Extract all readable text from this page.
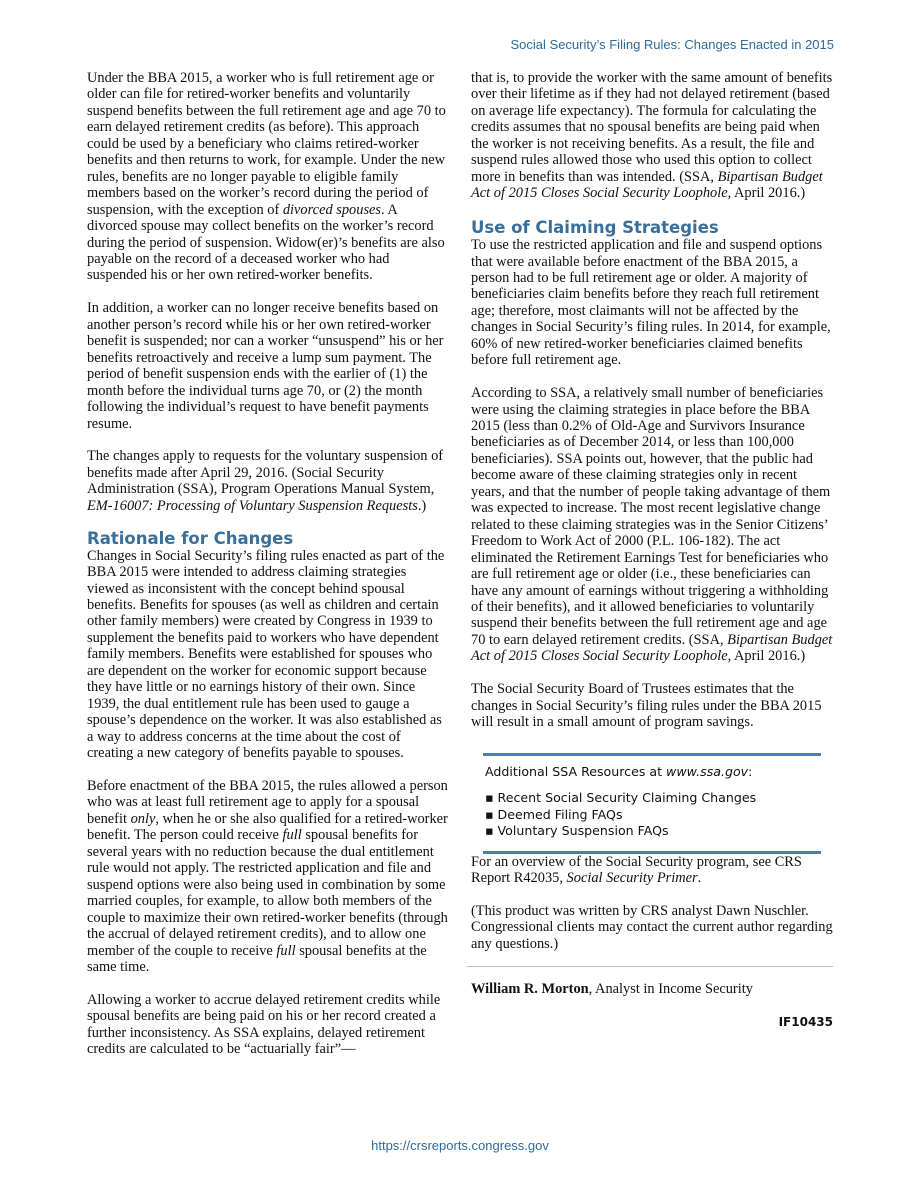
Social Security’s Filing Rules: Changes Enacted in 2015

Under the BBA 2015, a worker who is full retirement age or older can file for retired-worker benefits and voluntarily suspend benefits between the full retirement age and age 70 to earn delayed retirement credits (as before). This approach could be used by a beneficiary who claims retired-worker benefits and then returns to work, for example. Under the new rules, benefits are no longer payable to eligible family members based on the worker’s record during the period of suspension, with the exception of divorced spouses. A divorced spouse may collect benefits on the worker’s record during the period of suspension. Widow(er)’s benefits are also payable on the record of a deceased worker who had suspended his or her own retired-worker benefits.

In addition, a worker can no longer receive benefits based on another person’s record while his or her own retired-worker benefit is suspended; nor can a worker “unsuspend” his or her benefits retroactively and receive a lump sum payment. The period of benefit suspension ends with the earlier of (1) the month before the individual turns age 70, or (2) the month following the individual’s request to have benefit payments resume.

The changes apply to requests for the voluntary suspension of benefits made after April 29, 2016. (Social Security Administration (SSA), Program Operations Manual System, EM-16007: Processing of Voluntary Suspension Requests.)

Rationale for Changes

Changes in Social Security’s filing rules enacted as part of the BBA 2015 were intended to address claiming strategies viewed as inconsistent with the concept behind spousal benefits. Benefits for spouses (as well as children and certain other family members) were created by Congress in 1939 to supplement the benefits paid to workers who have dependent family members. Benefits were established for spouses who are dependent on the worker for economic support because they have little or no earnings history of their own. Since 1939, the dual entitlement rule has been used to gauge a spouse’s dependence on the worker. It was also established as a way to address concerns at the time about the cost of creating a new category of benefits payable to spouses.

Before enactment of the BBA 2015, the rules allowed a person who was at least full retirement age to apply for a spousal benefit only, when he or she also qualified for a retired-worker benefit. The person could receive full spousal benefits for several years with no reduction because the dual entitlement rule would not apply. The restricted application and file and suspend options were also being used in combination by some married couples, for example, to allow both members of the couple to maximize their own retired-worker benefits (through the accrual of delayed retirement credits), and to allow one member of the couple to receive full spousal benefits at the same time.

Allowing a worker to accrue delayed retirement credits while spousal benefits are being paid on his or her record created a further inconsistency. As SSA explains, delayed retirement credits are calculated to be “actuarially fair”—

that is, to provide the worker with the same amount of benefits over their lifetime as if they had not delayed retirement (based on average life expectancy). The formula for calculating the credits assumes that no spousal benefits are being paid when the worker is not receiving benefits. As a result, the file and suspend rules allowed those who used this option to collect more in benefits than was intended. (SSA, Bipartisan Budget Act of 2015 Closes Social Security Loophole, April 2016.)

Use of Claiming Strategies

To use the restricted application and file and suspend options that were available before enactment of the BBA 2015, a person had to be full retirement age or older. A majority of beneficiaries claim benefits before they reach full retirement age; therefore, most claimants will not be affected by the changes in Social Security’s filing rules. In 2014, for example, 60% of new retired-worker beneficiaries claimed benefits before full retirement age.

According to SSA, a relatively small number of beneficiaries were using the claiming strategies in place before the BBA 2015 (less than 0.2% of Old-Age and Survivors Insurance beneficiaries as of December 2014, or less than 100,000 beneficiaries). SSA points out, however, that the public had become aware of these claiming strategies only in recent years, and that the number of people taking advantage of them was expected to increase. The most recent legislative change related to these claiming strategies was in the Senior Citizens’ Freedom to Work Act of 2000 (P.L. 106-182). The act eliminated the Retirement Earnings Test for beneficiaries who are full retirement age or older (i.e., these beneficiaries can have any amount of earnings without triggering a withholding of their benefits), and it allowed beneficiaries to voluntarily suspend their benefits between the full retirement age and age 70 to earn delayed retirement credits. (SSA, Bipartisan Budget Act of 2015 Closes Social Security Loophole, April 2016.)

The Social Security Board of Trustees estimates that the changes in Social Security’s filing rules under the BBA 2015 will result in a small amount of program savings.

Additional SSA Resources at www.ssa.gov:
▪ Recent Social Security Claiming Changes
▪ Deemed Filing FAQs
▪ Voluntary Suspension FAQs

For an overview of the Social Security program, see CRS Report R42035, Social Security Primer.

(This product was written by CRS analyst Dawn Nuschler. Congressional clients may contact the current author regarding any questions.)

William R. Morton, Analyst in Income Security

IF10435
https://crsreports.congress.gov
